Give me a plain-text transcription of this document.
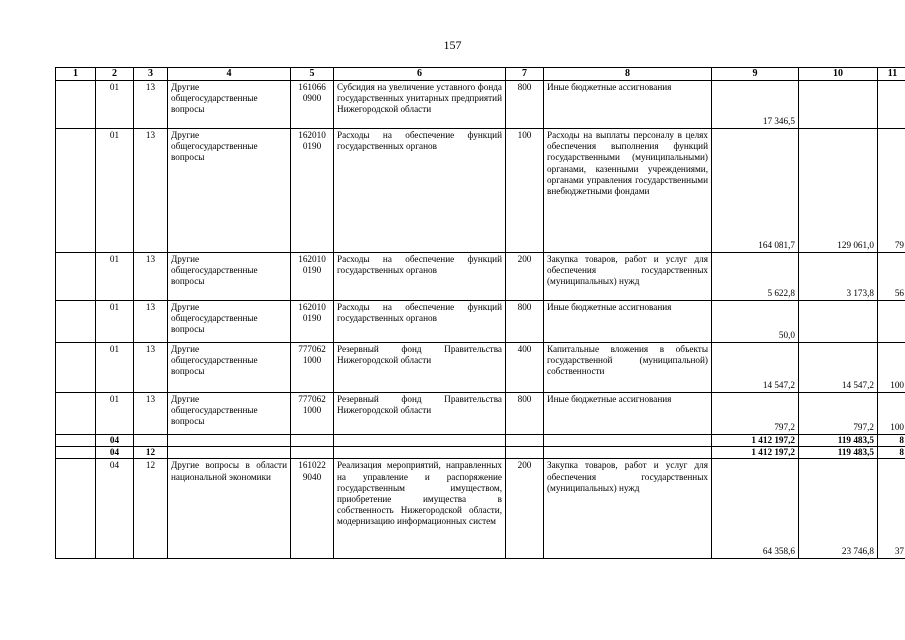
157
1	2	3	4	5	6	7	8	9	10	11
	01	13	Другие общегосударственные вопросы	161066 0900	Субсидия на увеличение уставного фонда государственных унитарных предприятий Нижегородской области	800	Иные бюджетные ассигнования	17 346,5		
	01	13	Другие общегосударственные вопросы	162010 0190	Расходы на обеспечение функций государственных органов	100	Расходы на выплаты персоналу в целях обеспечения выполнения функций государственными (муниципальными) органами, казенными учреждениями, органами управления государственными внебюджетными фондами	164 081,7	129 061,0	79
	01	13	Другие общегосударственные вопросы	162010 0190	Расходы на обеспечение функций государственных органов	200	Закупка товаров, работ и услуг для обеспечения государственных (муниципальных) нужд	5 622,8	3 173,8	56
	01	13	Другие общегосударственные вопросы	162010 0190	Расходы на обеспечение функций государственных органов	800	Иные бюджетные ассигнования	50,0		
	01	13	Другие общегосударственные вопросы	777062 1000	Резервный фонд Правительства Нижегородской области	400	Капитальные вложения в объекты государственной (муниципальной) собственности	14 547,2	14 547,2	100
	01	13	Другие общегосударственные вопросы	777062 1000	Резервный фонд Правительства Нижегородской области	800	Иные бюджетные ассигнования	797,2	797,2	100
	04							1 412 197,2	119 483,5	8
	04	12						1 412 197,2	119 483,5	8
	04	12	Другие вопросы в области национальной экономики	161022 9040	Реализация мероприятий, направленных на управление и распоряжение государственным имуществом, приобретение имущества в собственность Нижегородской области, модернизацию информационных систем	200	Закупка товаров, работ и услуг для обеспечения государственных (муниципальных) нужд	64 358,6	23 746,8	37
